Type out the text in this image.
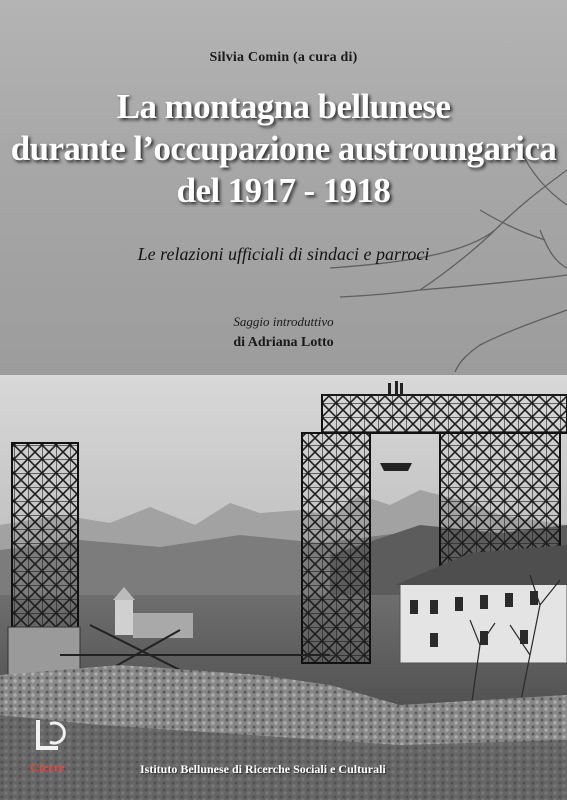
Silvia Comin (a cura di)
La montagna bellunese
durante l’occupazione austroungarica
del 1917 - 1918
Le relazioni ufficiali di sindaci e parroci
Saggio introduttivo
di Adriana Lotto
Cierre	Istituto Bellunese di Ricerche Sociali e Culturali
